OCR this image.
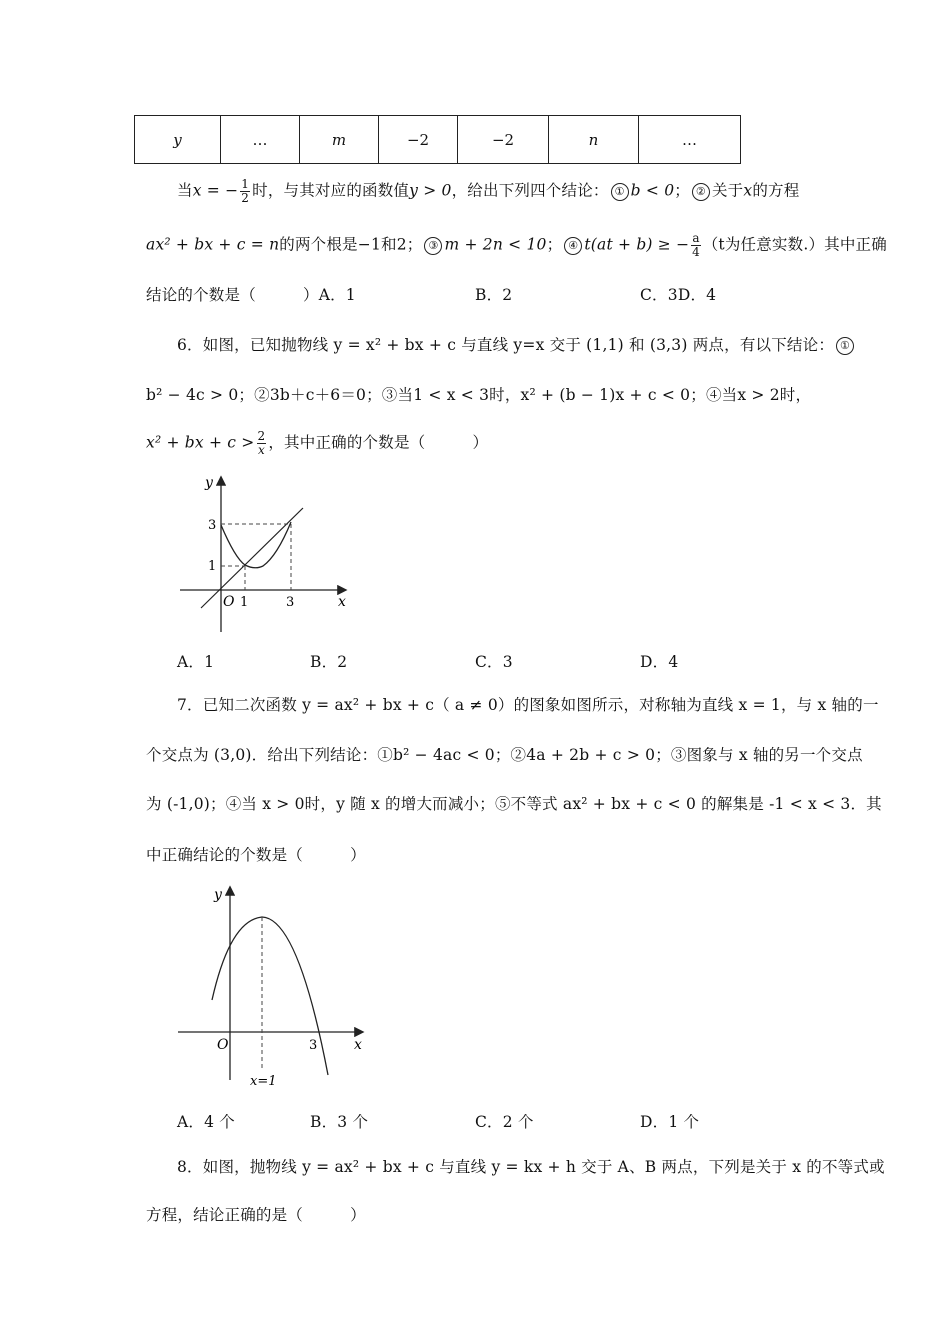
y	…	m	−2	−2	n	…
当x = − $\frac{1}{2}$ 时，与其对应的函数值y > 0，给出下列四个结论： ① b < 0； ② 关于x的方程
ax² + bx + c = n的两个根是−1和2； ③ m + 2n < 10； ④ t(at + b) ≥ − $\frac{a}{4} (t$为任意实数.）其中正确
结论的个数是（　　　）A．1	B．2	C．3D．4
6．如图，已知抛物线 y = x² + bx + c 与直线 y=x 交于 (1,1) 和 (3,3) 两点，有以下结论： ①
b² − 4c > 0；②3b＋c＋6＝0；③当1 < x < 3时，x² + (b − 1)x + c < 0；④当x > 2时，
x² + bx + $c > \frac{2}{x}$ ，其中正确的个数是（　　　）
y
x
O 1	3
1
3
A．1	B．2	C．3	D．4
7．已知二次函数 y = ax² + bx + c（ a ≠ 0）的图象如图所示，对称轴为直线 x = 1，与 x 轴的一
个交点为 (3,0)．给出下列结论：①b² − 4ac < 0；②4a + 2b + c > 0；③图象与 x 轴的另一个交点
为 (-1,0)；④当 x > 0时，y 随 x 的增大而减小；⑤不等式 ax² + bx + c < 0 的解集是 -1 < x < 3．其
中正确结论的个数是（　　　）
y
x
O	3
x=1
A．4 个	B．3 个	C．2 个	D．1 个
8．如图，抛物线 y = ax² + bx + c 与直线 y = kx + h 交于 A、B 两点，下列是关于 x 的不等式或
方程，结论正确的是（　　　）
